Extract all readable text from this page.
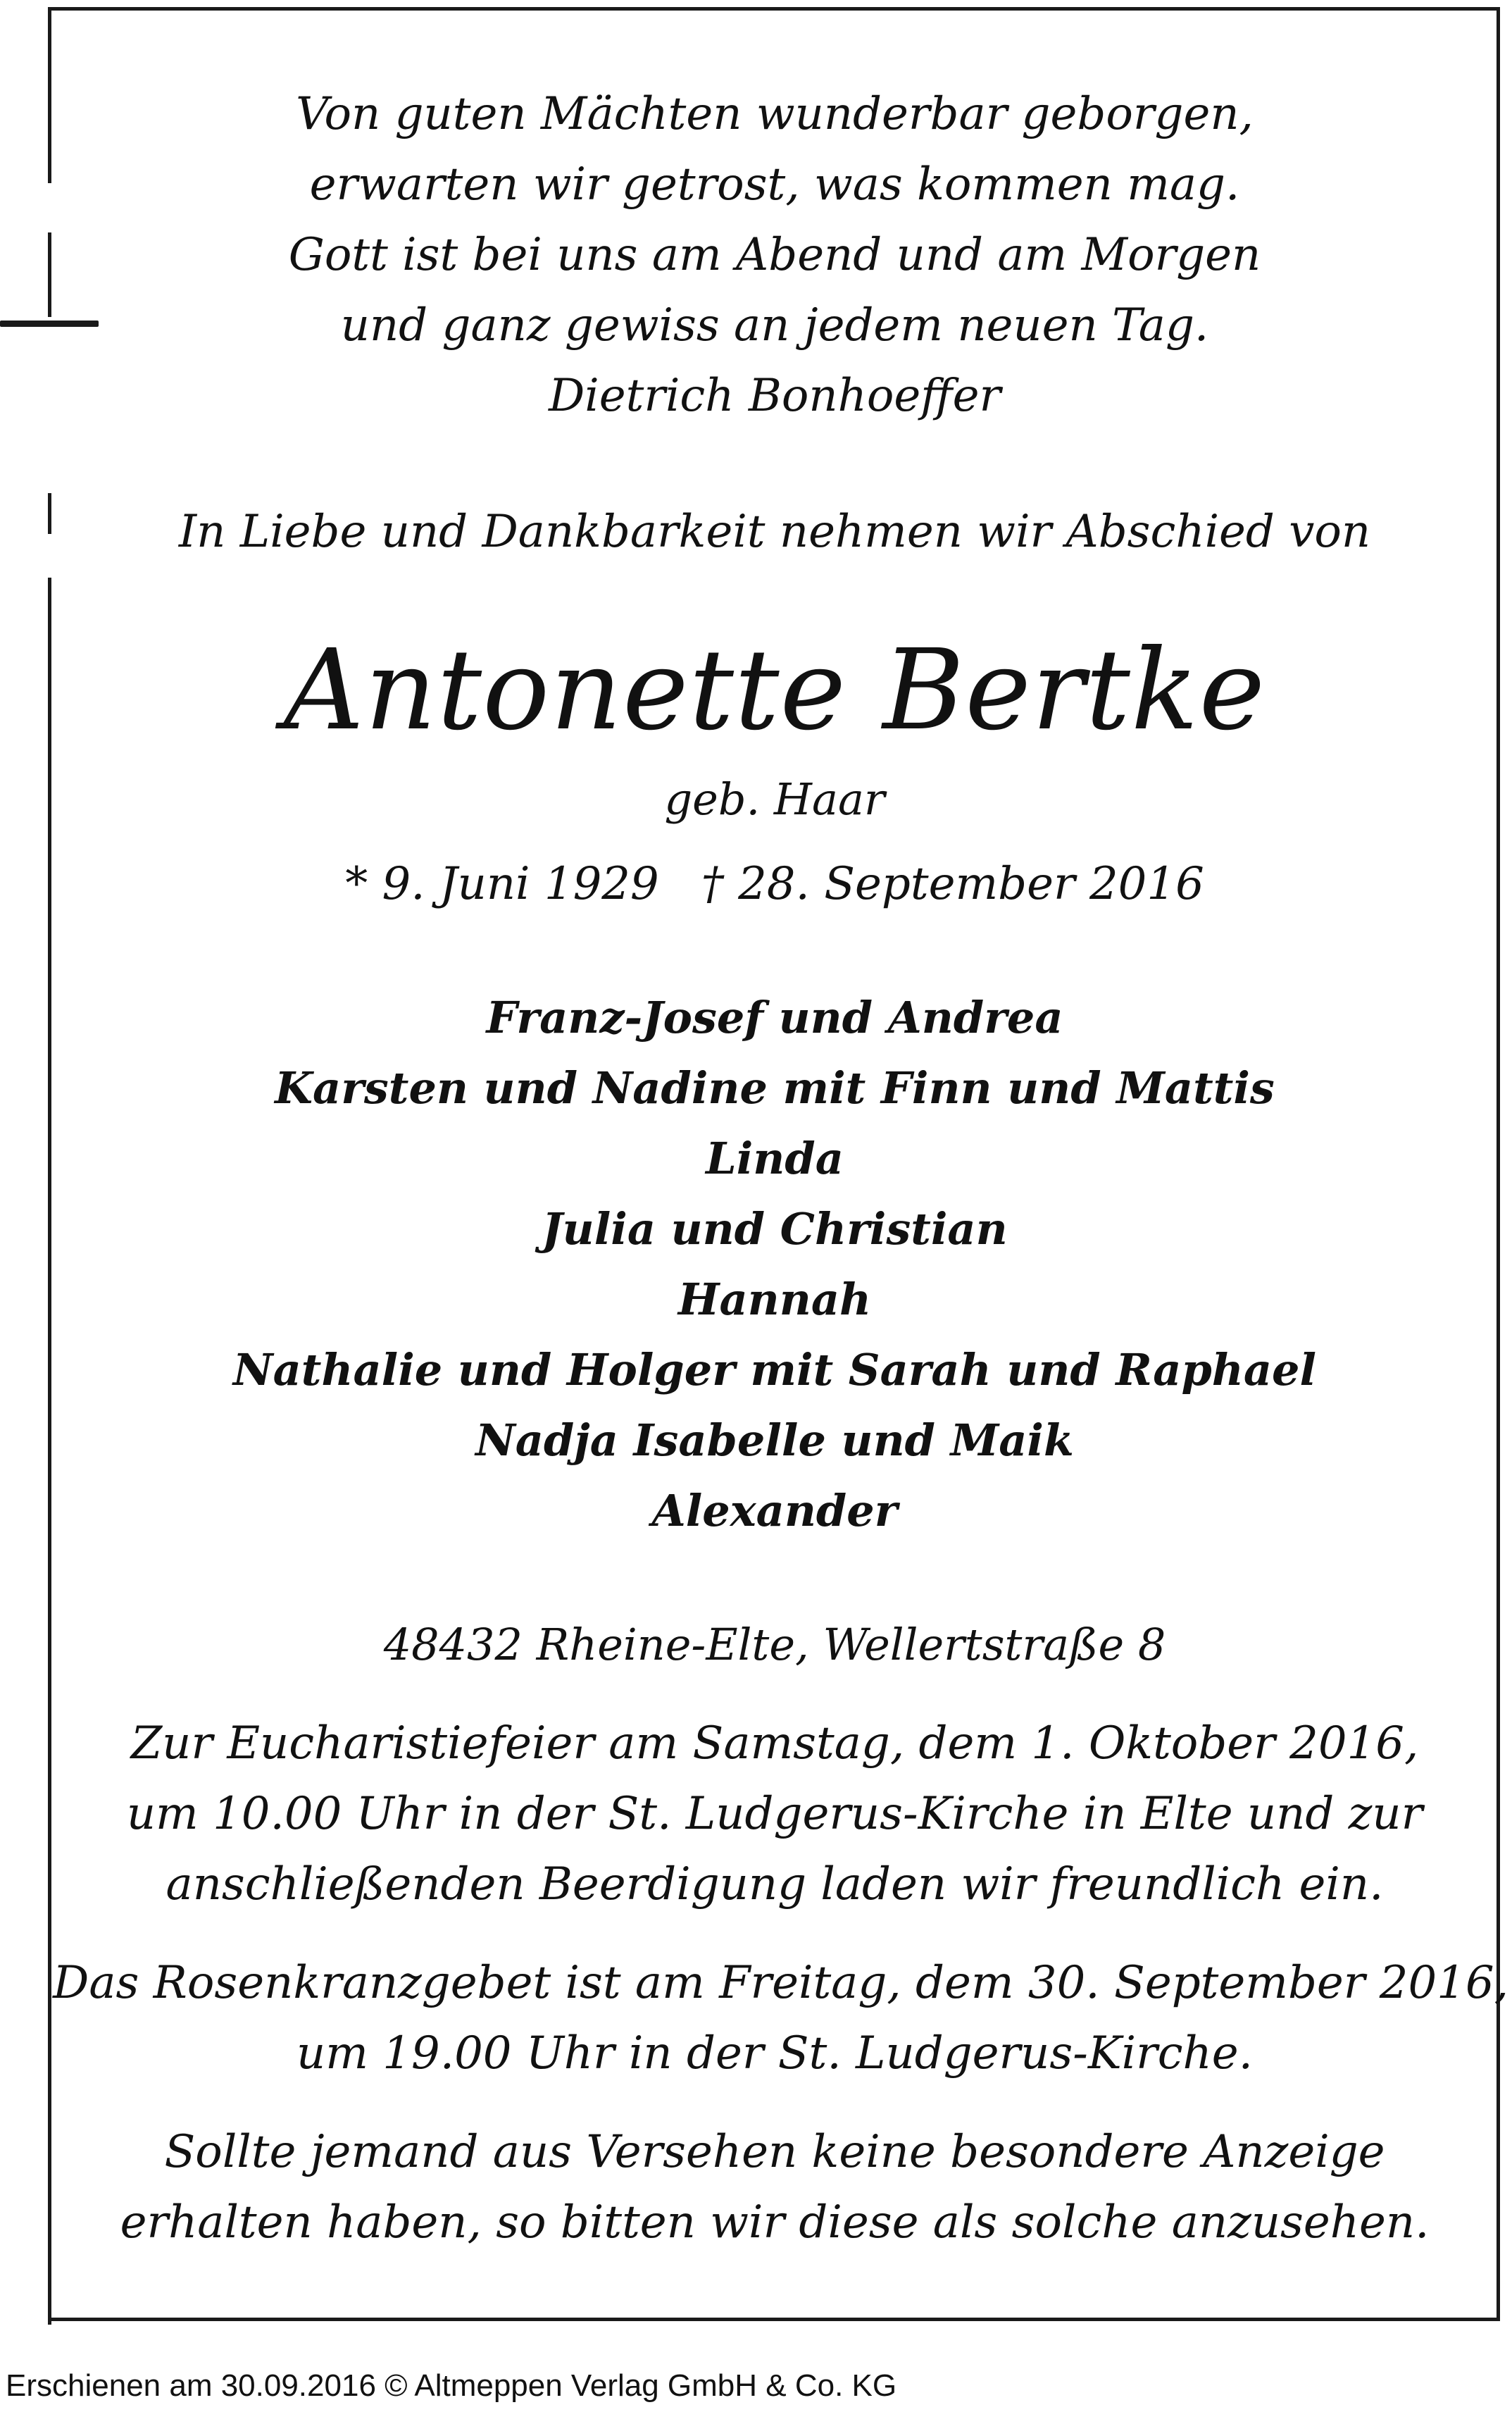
Von guten Mächten wunderbar geborgen,
erwarten wir getrost, was kommen mag.
Gott ist bei uns am Abend und am Morgen
und ganz gewiss an jedem neuen Tag.
Dietrich Bonhoeffer
In Liebe und Dankbarkeit nehmen wir Abschied von
Antonette Bertke
geb. Haar
* 9. Juni 1929 † 28. September 2016
Franz-Josef und Andrea
Karsten und Nadine mit Finn und Mattis
Linda
Julia und Christian
Hannah
Nathalie und Holger mit Sarah und Raphael
Nadja Isabelle und Maik
Alexander
48432 Rheine-Elte, Wellertstraße 8
Zur Eucharistiefeier am Samstag, dem 1. Oktober 2016,
um 10.00 Uhr in der St. Ludgerus-Kirche in Elte und zur
anschließenden Beerdigung laden wir freundlich ein.
Das Rosenkranzgebet ist am Freitag, dem 30. September 2016,
um 19.00 Uhr in der St. Ludgerus-Kirche.
Sollte jemand aus Versehen keine besondere Anzeige
erhalten haben, so bitten wir diese als solche anzusehen.
Erschienen am 30.09.2016 © Altmeppen Verlag GmbH & Co. KG
